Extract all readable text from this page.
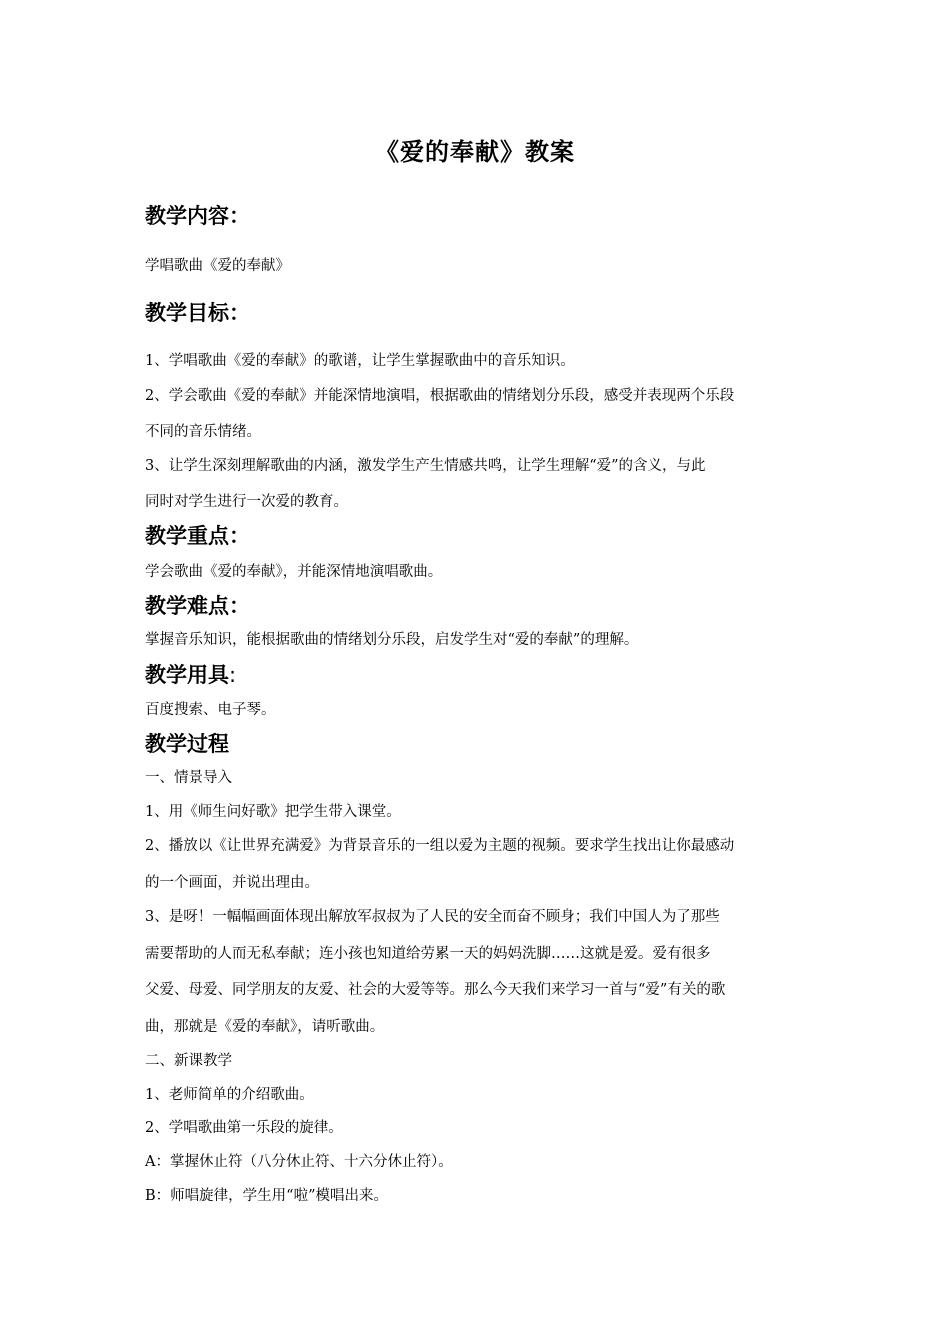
《爱的奉献》教案
教学内容：
学唱歌曲《爱的奉献》
教学目标：
1、学唱歌曲《爱的奉献》的歌谱，让学生掌握歌曲中的音乐知识。
2、学会歌曲《爱的奉献》并能深情地演唱，根据歌曲的情绪划分乐段，感受并表现两个乐段
不同的音乐情绪。
3、让学生深刻理解歌曲的内涵，激发学生产生情感共鸣，让学生理解“爱”的含义，与此
同时对学生进行一次爱的教育。
教学重点：
学会歌曲《爱的奉献》，并能深情地演唱歌曲。
教学难点：
掌握音乐知识，能根据歌曲的情绪划分乐段，启发学生对“爱的奉献”的理解。
教学用具:
百度搜索、电子琴。
教学过程
一、情景导入
1、用《师生问好歌》把学生带入课堂。
2、播放以《让世界充满爱》为背景音乐的一组以爱为主题的视频。要求学生找出让你最感动
的一个画面，并说出理由。
3、是呀！一幅幅画面体现出解放军叔叔为了人民的安全而奋不顾身；我们中国人为了那些
需要帮助的人而无私奉献；连小孩也知道给劳累一天的妈妈洗脚……这就是爱。爱有很多
父爱、母爱、同学朋友的友爱、社会的大爱等等。那么今天我们来学习一首与“爱”有关的歌
曲，那就是《爱的奉献》，请听歌曲。
二、新课教学
1、老师简单的介绍歌曲。
2、学唱歌曲第一乐段的旋律。
A：掌握休止符（八分休止符、十六分休止符）。
B：师唱旋律，学生用“啦”模唱出来。
